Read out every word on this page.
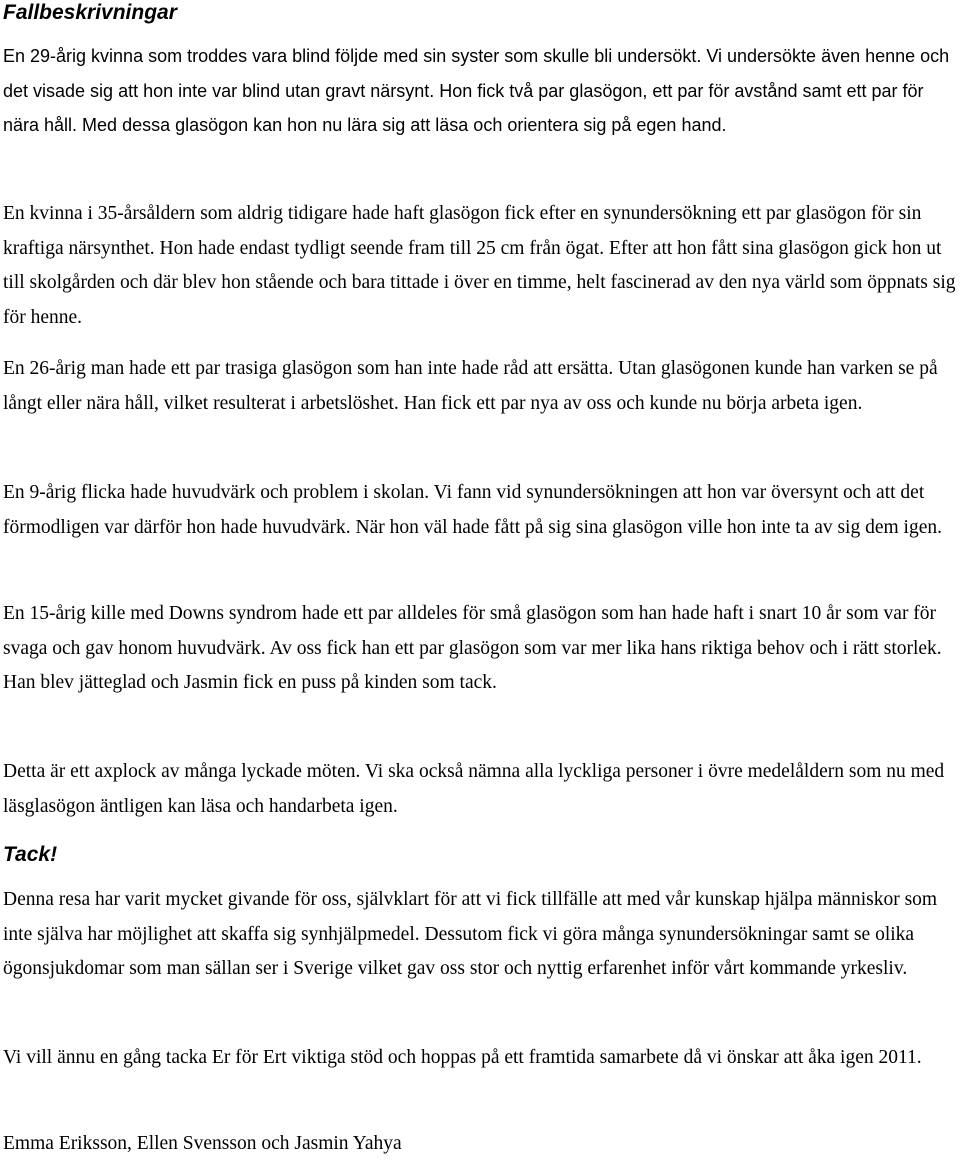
Fallbeskrivningar

En 29-årig kvinna som troddes vara blind följde med sin syster som skulle bli undersökt. Vi undersökte även henne och det visade sig att hon inte var blind utan gravt närsynt. Hon fick två par glasögon, ett par för avstånd samt ett par för nära håll. Med dessa glasögon kan hon nu lära sig att läsa och orientera sig på egen hand.

En kvinna i 35-årsåldern som aldrig tidigare hade haft glasögon fick efter en synundersökning ett par glasögon för sin kraftiga närsynthet. Hon hade endast tydligt seende fram till 25 cm från ögat. Efter att hon fått sina glasögon gick hon ut till skolgården och där blev hon stående och bara tittade i över en timme, helt fascinerad av den nya värld som öppnats sig för henne.

En 26-årig man hade ett par trasiga glasögon som han inte hade råd att ersätta. Utan glasögonen kunde han varken se på långt eller nära håll, vilket resulterat i arbetslöshet. Han fick ett par nya av oss och kunde nu börja arbeta igen.

En 9-årig flicka hade huvudvärk och problem i skolan. Vi fann vid synundersökningen att hon var översynt och att det förmodligen var därför hon hade huvudvärk. När hon väl hade fått på sig sina glasögon ville hon inte ta av sig dem igen.

En 15-årig kille med Downs syndrom hade ett par alldeles för små glasögon som han hade haft i snart 10 år som var för svaga och gav honom huvudvärk. Av oss fick han ett par glasögon som var mer lika hans riktiga behov och i rätt storlek. Han blev jätteglad och Jasmin fick en puss på kinden som tack.

Detta är ett axplock av många lyckade möten. Vi ska också nämna alla lyckliga personer i övre medelåldern som nu med läsglasögon äntligen kan läsa och handarbeta igen.

Tack!

Denna resa har varit mycket givande för oss, självklart för att vi fick tillfälle att med vår kunskap hjälpa människor som inte själva har möjlighet att skaffa sig synhjälpmedel. Dessutom fick vi göra många synundersökningar samt se olika ögonsjukdomar som man sällan ser i Sverige vilket gav oss stor och nyttig erfarenhet inför vårt kommande yrkesliv.

Vi vill ännu en gång tacka Er för Ert viktiga stöd och hoppas på ett framtida samarbete då vi önskar att åka igen 2011.

Emma Eriksson, Ellen Svensson och Jasmin Yahya
